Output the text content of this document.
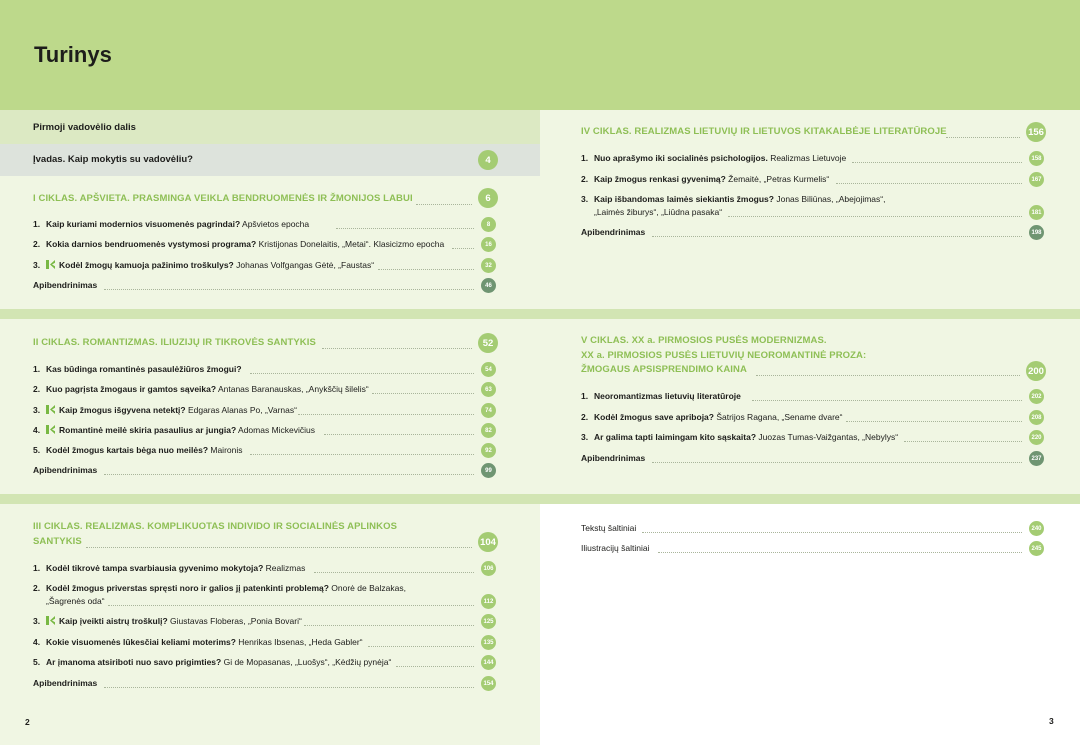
Turinys
Pirmoji vadovėlio dalis
Įvadas. Kaip mokytis su vadovėliu?	4
I CIKLAS. APŠVIETA. PRASMINGA VEIKLA BENDRUOMENĖS IR ŽMONIJOS LABUI	6
1. Kaip kuriami modernios visuomenės pagrindai? Apšvietos epocha	8
2. Kokia darnios bendruomenės vystymosi programa? Kristijonas Donelaitis, „Metai“. Klasicizmo epocha	16
3.	Kodėl žmogų kamuoja pažinimo troškulys? Johanas Volfgangas Gėtė, „Faustas“	32
Apibendrinimas	46
II CIKLAS. ROMANTIZMAS. ILIUZIJŲ IR TIKROVĖS SANTYKIS	52
1. Kas būdinga romantinės pasaulėžiūros žmogui?	54
2. Kuo pagrįsta žmogaus ir gamtos sąveika? Antanas Baranauskas, „Anykščių šilelis“	63
3.	Kaip žmogus išgyvena netektį? Edgaras Alanas Po, „Varnas“	74
4.	Romantinė meilė skiria pasaulius ar jungia? Adomas Mickevičius	82
5. Kodėl žmogus kartais bėga nuo meilės? Maironis	92
Apibendrinimas	99
III CIKLAS. REALIZMAS. KOMPLIKUOTAS INDIVIDO IR SOCIALINĖS APLINKOS
SANTYKIS	104
1. Kodėl tikrovė tampa svarbiausia gyvenimo mokytoja? Realizmas	106
2. Kodėl žmogus priverstas spręsti noro ir galios jį patenkinti problemą? Onorė de Balzakas,
„Šagrenės oda“	112
3.	Kaip įveikti aistrų troškulį? Giustavas Floberas, „Ponia Bovari“	125
4. Kokie visuomenės lūkesčiai keliami moterims? Henrikas Ibsenas, „Heda Gabler“	135
5. Ar įmanoma atsiriboti nuo savo prigimties? Gi de Mopasanas, „Luošys“, „Kėdžių pynėja“	144
Apibendrinimas	154
IV CIKLAS. REALIZMAS LIETUVIŲ IR LIETUVOS KITAKALBĖJE LITERATŪROJE	156
1. Nuo aprašymo iki socialinės psichologijos. Realizmas Lietuvoje	158
2. Kaip žmogus renkasi gyvenimą? Žemaitė, „Petras Kurmelis“	167
3. Kaip išbandomas laimės siekiantis žmogus? Jonas Biliūnas, „Abejojimas“,
„Laimės žiburys“, „Liūdna pasaka“	181
Apibendrinimas	198
V CIKLAS. XX a. PIRMOSIOS PUSĖS MODERNIZMAS.
XX a. PIRMOSIOS PUSĖS LIETUVIŲ NEOROMANTINĖ PROZA:
ŽMOGAUS APSISPRENDIMO KAINA	200
1. Neoromantizmas lietuvių literatūroje	202
2. Kodėl žmogus save apriboja? Šatrijos Ragana, „Sename dvare“	208
3. Ar galima tapti laimingam kito sąskaita? Juozas Tumas-Vaižgantas, „Nebylys“	220
Apibendrinimas	237
Tekstų šaltiniai	240
Iliustracijų šaltiniai	245
2	3
